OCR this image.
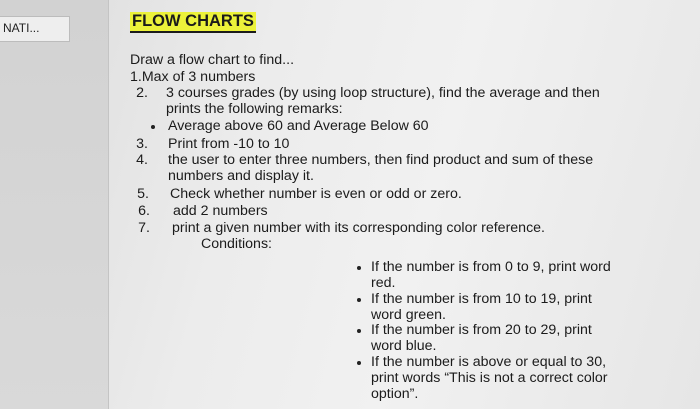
NATI...	FLOW CHARTS
Draw a flow chart to find...
1.Max of 3 numbers
2. 3 courses grades (by using loop structure), find the average and then
prints the following remarks:
Average above 60 and Average Below 60
3. Print from -10 to 10
4. the user to enter three numbers, then find product and sum of these
numbers and display it.
5. Check whether number is even or odd or zero.
6. add 2 numbers
7. print a given number with its corresponding color reference.
Conditions:
If the number is from 0 to 9, print word
red.
If the number is from 10 to 19, print
word green.
If the number is from 20 to 29, print
word blue.
If the number is above or equal to 30,
print words “This is not a correct color
option”.
